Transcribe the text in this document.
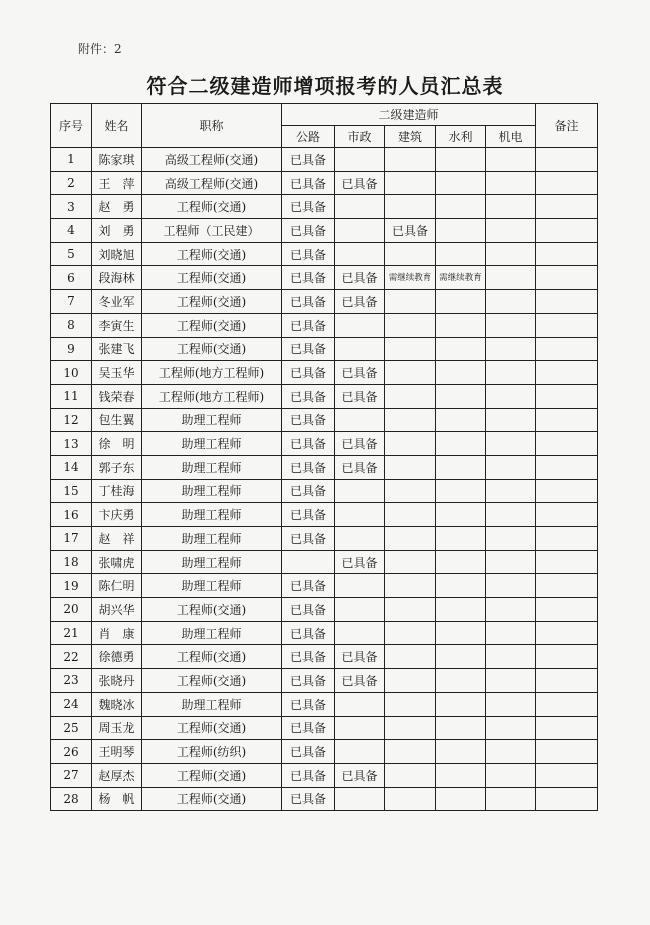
附件：2
符合二级建造师增项报考的人员汇总表
序号	姓名	职称	二级建造师					备注
			公路	市政	建筑	水利	机电	
1	陈家琪	高级工程师(交通)	已具备					
2	王　萍	高级工程师(交通)	已具备	已具备				
3	赵　勇	工程师(交通)	已具备					
4	刘　勇	工程师（工民建）	已具备		已具备			
5	刘晓旭	工程师(交通)	已具备					
6	段海林	工程师(交通)	已具备	已具备	需继续教育	需继续教育		
7	冬业军	工程师(交通)	已具备	已具备				
8	李寅生	工程师(交通)	已具备					
9	张建飞	工程师(交通)	已具备					
10	吴玉华	工程师(地方工程师)	已具备	已具备				
11	钱荣春	工程师(地方工程师)	已具备	已具备				
12	包生翼	助理工程师	已具备					
13	徐　明	助理工程师	已具备	已具备				
14	郭子东	助理工程师	已具备	已具备				
15	丁桂海	助理工程师	已具备					
16	卞庆勇	助理工程师	已具备					
17	赵　祥	助理工程师	已具备					
18	张啸虎	助理工程师		已具备				
19	陈仁明	助理工程师	已具备					
20	胡兴华	工程师(交通)	已具备					
21	肖　康	助理工程师	已具备					
22	徐德勇	工程师(交通)	已具备	已具备				
23	张晓丹	工程师(交通)	已具备	已具备				
24	魏晓冰	助理工程师	已具备					
25	周玉龙	工程师(交通)	已具备					
26	王明琴	工程师(纺织)	已具备					
27	赵厚杰	工程师(交通)	已具备	已具备				
28	杨　帆	工程师(交通)	已具备					
